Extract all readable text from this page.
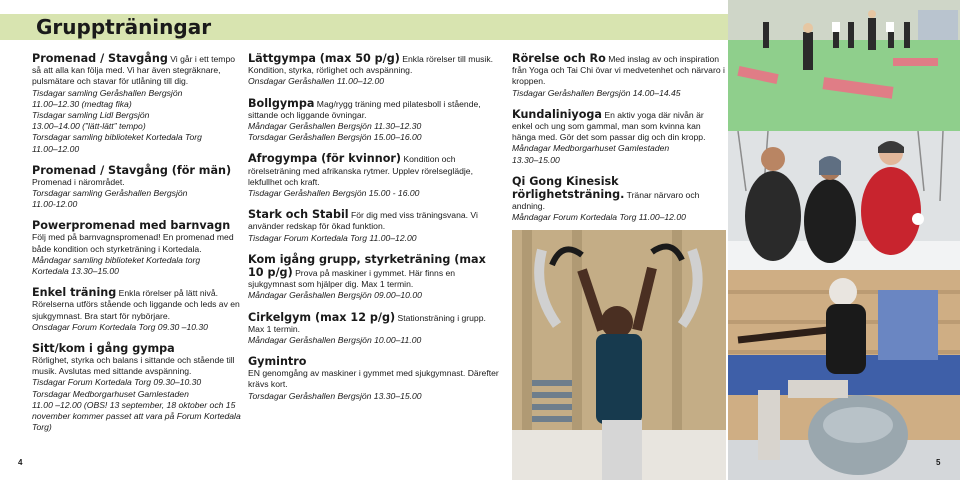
Gruppträningar
Promenad / Stavgång Vi går i ett tempo så att alla kan följa med. Vi har även stegräknare, pulsmätare och stavar för utlåning till dig.
Tisdagar samling Geråshallen Bergsjön
11.00–12.30 (medtag fika)
Tisdagar samling Lidl Bergsjön
13.00–14.00 (”lätt-lätt” tempo)
Torsdagar samling biblioteket Kortedala Torg
11.00–12.00
Promenad / Stavgång (för män)
Promenad i närområdet.
Torsdagar samling Geråshallen Bergsjön
11.00-12.00
Powerpromenad med barnvagn
Följ med på barnvagnspromenad! En promenad med både kondition och styrketräning i Kortedala.
Måndagar samling biblioteket Kortedala torg
Kortedala 13.30–15.00
Enkel träning Enkla rörelser på lätt nivå.
Rörelserna utförs stående och liggande och leds av en sjukgymnast. Bra start för nybörjare.
Onsdagar Forum Kortedala Torg 09.30 –10.30
Sitt/kom i gång gympa
Rörlighet, styrka och balans i sittande och stående till musik. Avslutas med sittande avspänning.
Tisdagar Forum Kortedala Torg 09.30–10.30
Torsdagar Medborgarhuset Gamlestaden
11.00 –12.00 (OBS! 13 september, 18 oktober och 15 november kommer passet att vara på Forum Kortedala Torg)
Lättgympa (max 50 p/g) Enkla rörelser till musik. Kondition, styrka, rörlighet och avspänning.
Onsdagar Geråshallen 11.00–12.00
Bollgympa Mag/rygg träning med pilatesboll i stående, sittande och liggande övningar.
Måndagar Geråshallen Bergsjön 11.30–12.30
Torsdagar Geråshallen Bergsjön 15.00–16.00
Afrogympa (för kvinnor) Kondition och rörelseträning med afrikanska rytmer. Upplev rörelseglädje, lekfullhet och kraft.
Tisdagar Geråshallen Bergsjön 15.00 - 16.00
Stark och Stabil För dig med viss träningsvana. Vi använder redskap för ökad funktion.
Tisdagar Forum Kortedala Torg 11.00–12.00
Kom igång grupp, styrketräning (max 10 p/g) Prova på maskiner i gymmet. Här finns en sjukgymnast som hjälper dig. Max 1 termin.
Måndagar Geråshallen Bergsjön 09.00–10.00
Cirkelgym (max 12 p/g) Stationsträning i grupp. Max 1 termin.
Måndagar Geråshallen Bergsjön 10.00–11.00
Gymintro
EN genomgång av maskiner i gymmet med sjukgymnast. Därefter krävs kort.
Torsdagar Geråshallen Bergsjön 13.30–15.00
Rörelse och Ro Med inslag av och inspiration från Yoga och Tai Chi övar vi medvetenhet och närvaro i kroppen.
Tisdagar Geråshallen Bergsjön 14.00–14.45
Kundaliniyoga En aktiv yoga där nivån är enkel och ung som gammal, man som kvinna kan hänga med. Gör det som passar dig och din kropp.
Måndagar Medborgarhuset Gamlestaden
13.30–15.00
Qi Gong Kinesisk rörlighetsträning. Tränar närvaro och andning.
Måndagar Forum Kortedala Torg 11.00–12.00
4	5
